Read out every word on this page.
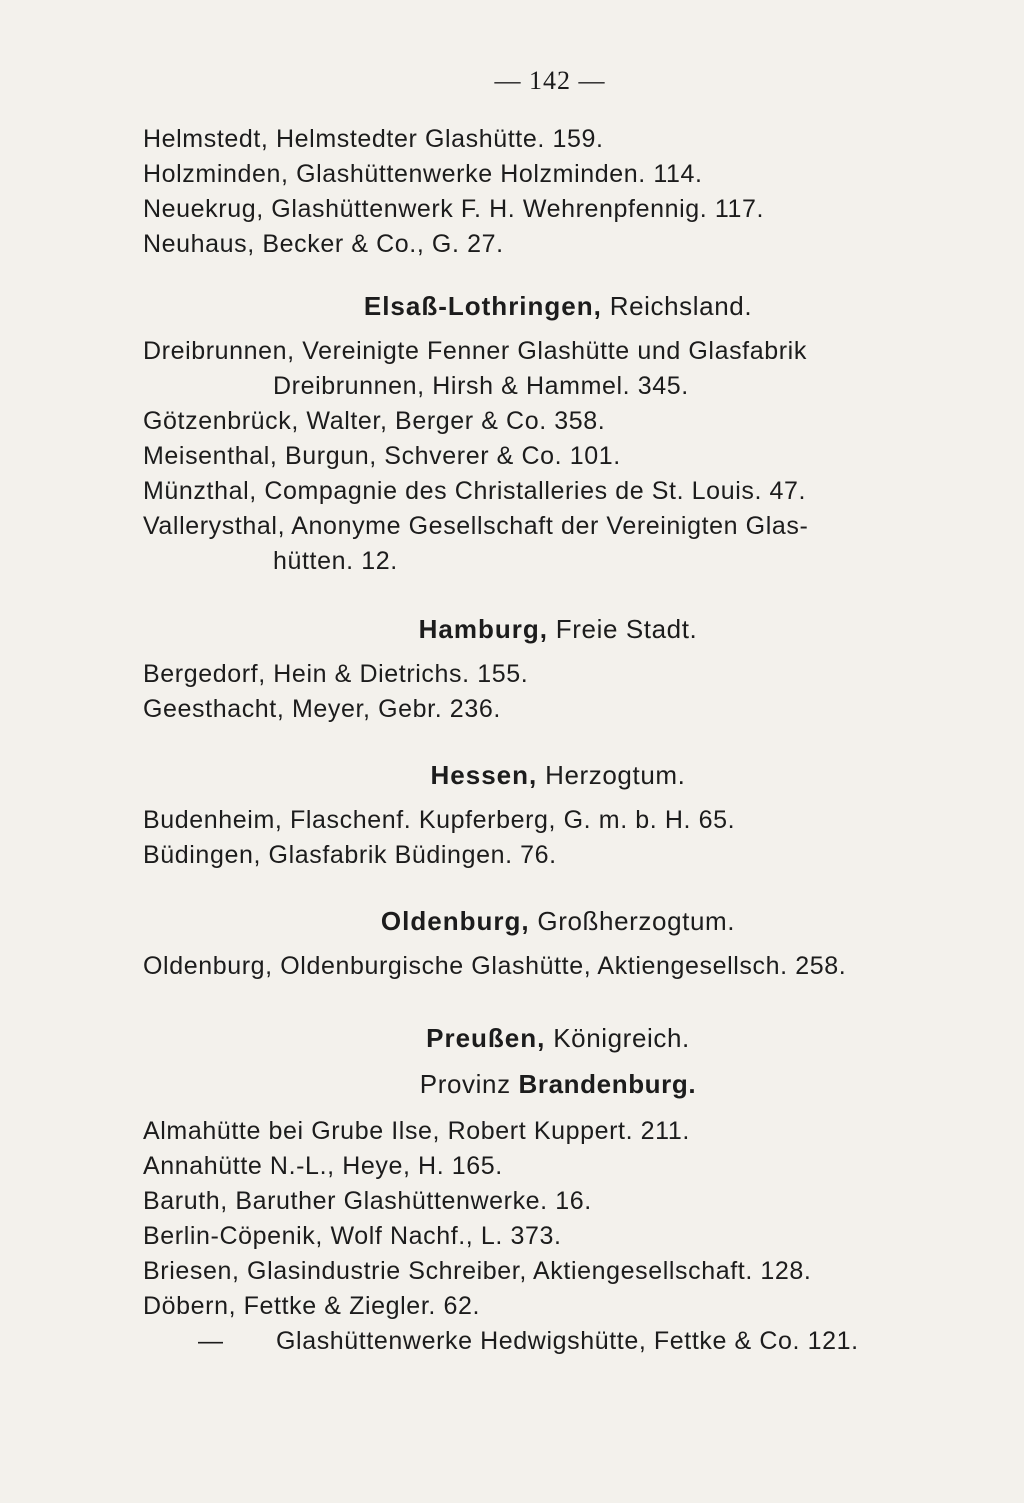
— 142 —
Helmstedt, Helmstedter Glashütte. 159.
Holzminden, Glashüttenwerke Holzminden. 114.
Neuekrug, Glashüttenwerk F. H. Wehrenpfennig. 117.
Neuhaus, Becker & Co., G. 27.
Elsaß-Lothringen, Reichsland.
Dreibrunnen, Vereinigte Fenner Glashütte und Glasfabrik
Dreibrunnen, Hirsh & Hammel. 345.
Götzenbrück, Walter, Berger & Co. 358.
Meisenthal, Burgun, Schverer & Co. 101.
Münzthal, Compagnie des Christalleries de St. Louis. 47.
Vallerysthal, Anonyme Gesellschaft der Vereinigten Glas-
hütten. 12.
Hamburg, Freie Stadt.
Bergedorf, Hein & Dietrichs. 155.
Geesthacht, Meyer, Gebr. 236.
Hessen, Herzogtum.
Budenheim, Flaschenf. Kupferberg, G. m. b. H. 65.
Büdingen, Glasfabrik Büdingen. 76.
Oldenburg, Großherzogtum.
Oldenburg, Oldenburgische Glashütte, Aktiengesellsch. 258.
Preußen, Königreich.
Provinz Brandenburg.
Almahütte bei Grube Ilse, Robert Kuppert. 211.
Annahütte N.-L., Heye, H. 165.
Baruth, Baruther Glashüttenwerke. 16.
Berlin-Cöpenik, Wolf Nachf., L. 373.
Briesen, Glasindustrie Schreiber, Aktiengesellschaft. 128.
Döbern, Fettke & Ziegler. 62.
— Glashüttenwerke Hedwigshütte, Fettke & Co. 121.
